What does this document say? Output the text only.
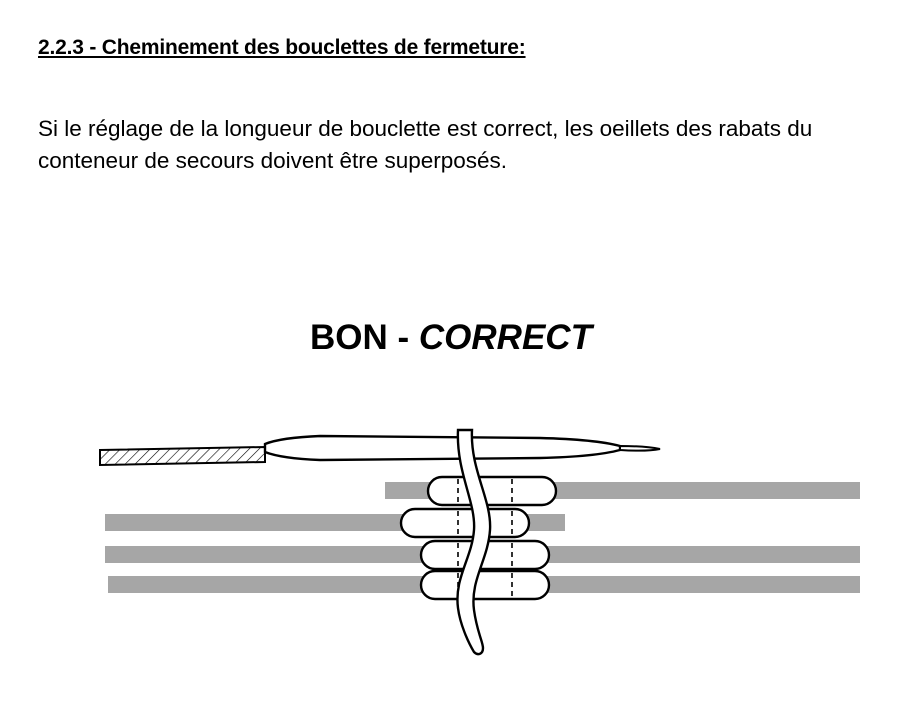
2.2.3 - Cheminement des bouclettes de fermeture:
Si le réglage de la longueur de bouclette est correct, les oeillets des rabats du conteneur de secours doivent être superposés.
BON - CORRECT
